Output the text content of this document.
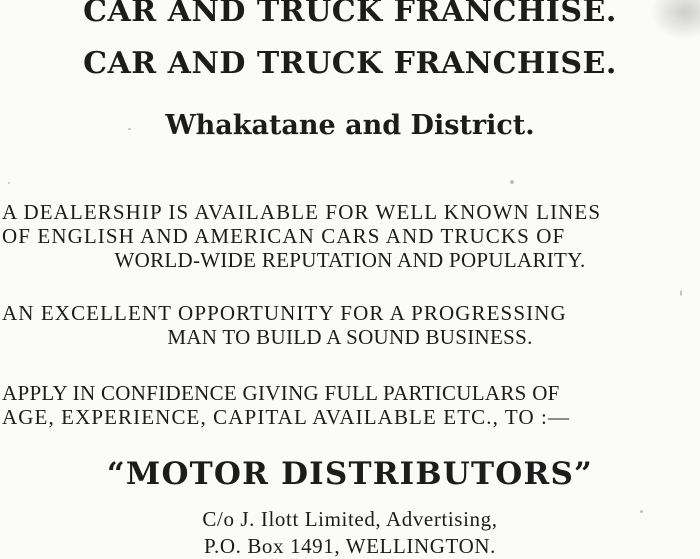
CAR AND TRUCK FRANCHISE.
CAR AND TRUCK FRANCHISE.
Whakatane and District.
A DEALERSHIP IS AVAILABLE FOR WELL KNOWN LINES
OF ENGLISH AND AMERICAN CARS AND TRUCKS OF
WORLD-WIDE REPUTATION AND POPULARITY.
AN EXCELLENT OPPORTUNITY FOR A PROGRESSING
MAN TO BUILD A SOUND BUSINESS.
APPLY IN CONFIDENCE GIVING FULL PARTICULARS OF
AGE, EXPERIENCE, CAPITAL AVAILABLE ETC., TO :—
“MOTOR DISTRIBUTORS”
C/o J. Ilott Limited, Advertising,
P.O. Box 1491, WELLINGTON.
